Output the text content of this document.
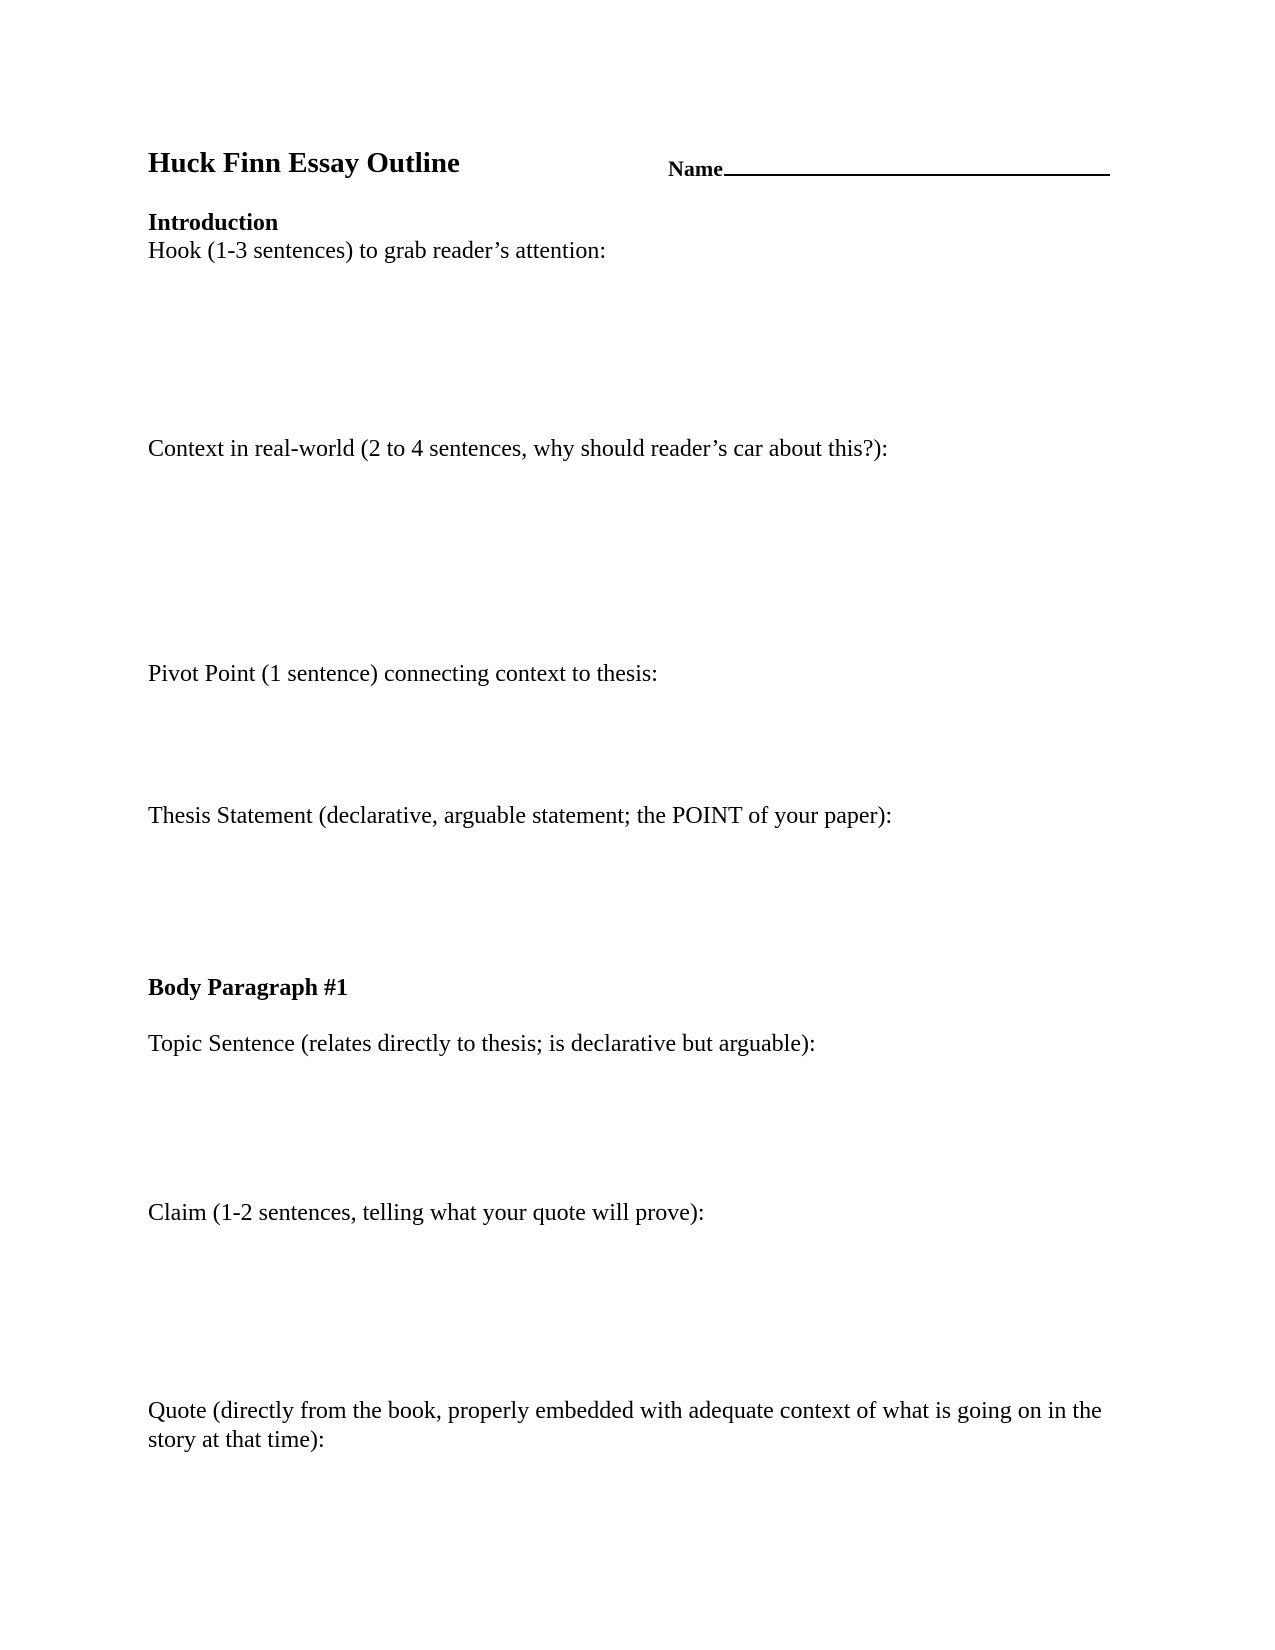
Huck Finn Essay Outline	Name
Introduction
Hook (1-3 sentences) to grab reader’s attention:
Context in real-world (2 to 4 sentences, why should reader’s car about this?):
Pivot Point (1 sentence) connecting context to thesis:
Thesis Statement (declarative, arguable statement; the POINT of your paper):
Body Paragraph #1
Topic Sentence (relates directly to thesis; is declarative but arguable):
Claim (1-2 sentences, telling what your quote will prove):
Quote (directly from the book, properly embedded with adequate context of what is going on in the story at that time):
